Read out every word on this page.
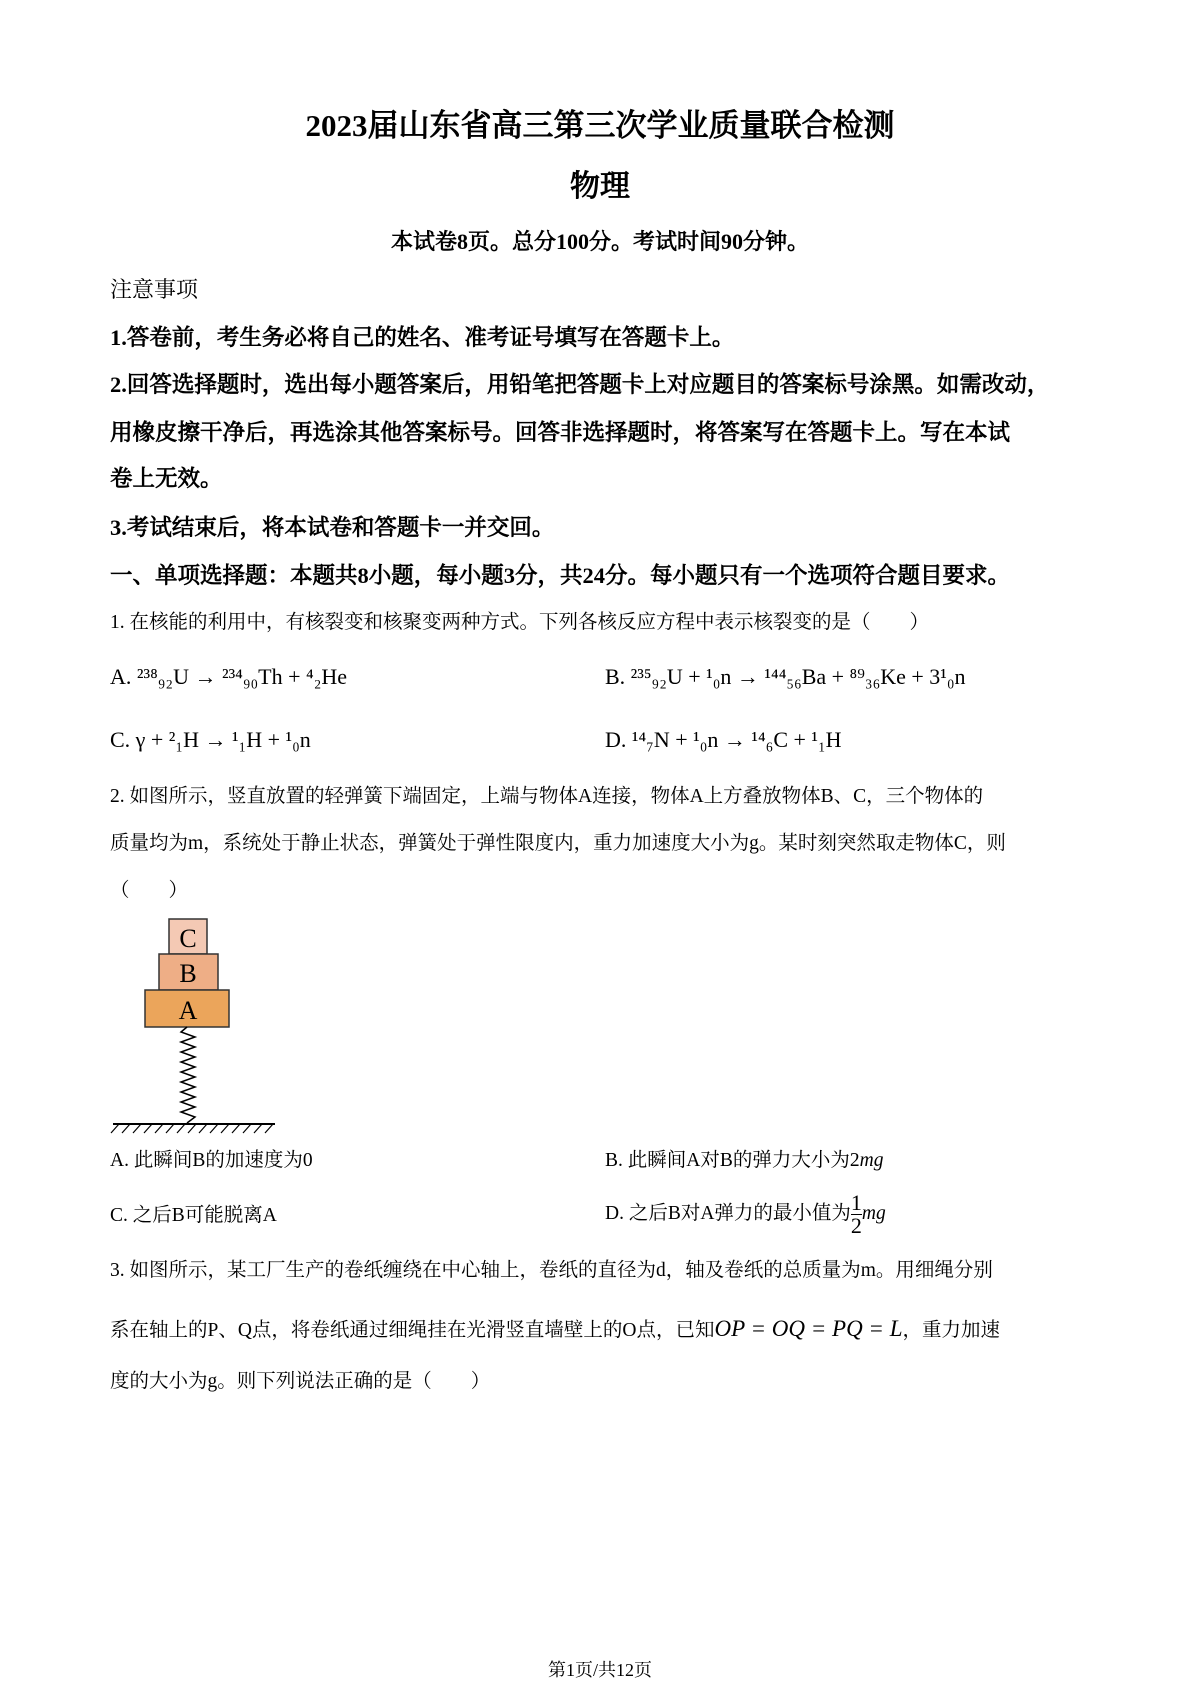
2023届山东省高三第三次学业质量联合检测
物理
本试卷8页。总分100分。考试时间90分钟。
注意事项
1.答卷前，考生务必将自己的姓名、准考证号填写在答题卡上。
2.回答选择题时，选出每小题答案后，用铅笔把答题卡上对应题目的答案标号涂黑。如需改动，
用橡皮擦干净后，再选涂其他答案标号。回答非选择题时，将答案写在答题卡上。写在本试
卷上无效。
3.考试结束后，将本试卷和答题卡一并交回。
一、单项选择题：本题共8小题，每小题3分，共24分。每小题只有一个选项符合题目要求。
1. 在核能的利用中，有核裂变和核聚变两种方式。下列各核反应方程中表示核裂变的是（　　）
A. ²³⁸₉₂U → ²³⁴₉₀Th + ⁴₂He	B. ²³⁵₉₂U + ¹₀n → ¹⁴⁴₅₆Ba + ⁸⁹₃₆Ke + 3¹₀n
C. γ + ²₁H → ¹₁H + ¹₀n	D. ¹⁴₇N + ¹₀n → ¹⁴₆C + ¹₁H
2. 如图所示，竖直放置的轻弹簧下端固定，上端与物体A连接，物体A上方叠放物体B、C，三个物体的
质量均为m，系统处于静止状态，弹簧处于弹性限度内，重力加速度大小为g。某时刻突然取走物体C，则
（　　）
C
B
A
A. 此瞬间B的加速度为0	B. 此瞬间A对B的弹力大小为2mg
C. 之后B可能脱离A	D. 之后B对A弹力的最小值为 $\frac{1}{2}$ mg
3. 如图所示，某工厂生产的卷纸缠绕在中心轴上，卷纸的直径为d，轴及卷纸的总质量为m。用细绳分别
系在轴上的P、Q点，将卷纸通过细绳挂在光滑竖直墙壁上的O点，已知OP = OQ = PQ = L，重力加速
度的大小为g。则下列说法正确的是（　　）
第1页/共12页
